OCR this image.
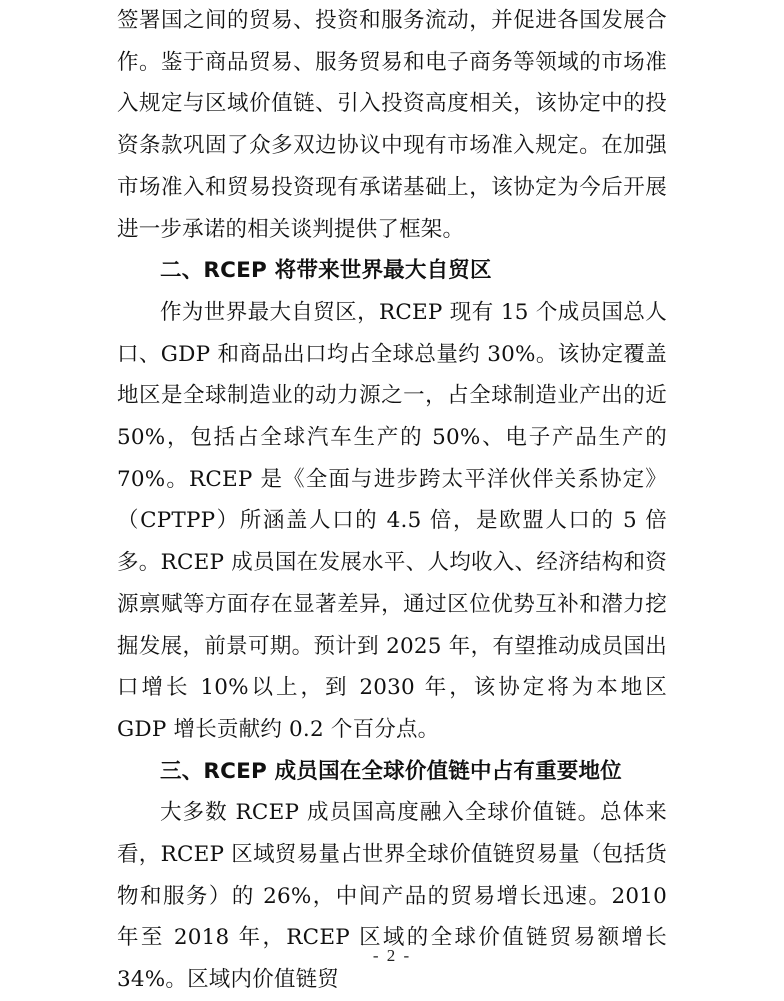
签署国之间的贸易、投资和服务流动，并促进各国发展合作。鉴于商品贸易、服务贸易和电子商务等领域的市场准入规定与区域价值链、引入投资高度相关，该协定中的投资条款巩固了众多双边协议中现有市场准入规定。在加强市场准入和贸易投资现有承诺基础上，该协定为今后开展进一步承诺的相关谈判提供了框架。

二、RCEP 将带来世界最大自贸区

作为世界最大自贸区，RCEP 现有 15 个成员国总人口、GDP 和商品出口均占全球总量约 30%。该协定覆盖地区是全球制造业的动力源之一，占全球制造业产出的近 50%，包括占全球汽车生产的 50%、电子产品生产的 70%。RCEP 是《全面与进步跨太平洋伙伴关系协定》（CPTPP）所涵盖人口的 4.5 倍，是欧盟人口的 5 倍多。RCEP 成员国在发展水平、人均收入、经济结构和资源禀赋等方面存在显著差异，通过区位优势互补和潜力挖掘发展，前景可期。预计到 2025 年，有望推动成员国出口增长 10%以上，到 2030 年，该协定将为本地区 GDP 增长贡献约 0.2 个百分点。

三、RCEP 成员国在全球价值链中占有重要地位

大多数 RCEP 成员国高度融入全球价值链。总体来看，RCEP 区域贸易量占世界全球价值链贸易量（包括货物和服务）的 26%，中间产品的贸易增长迅速。2010 年至 2018 年，RCEP 区域的全球价值链贸易额增长 34%。区域内价值链贸

- 2 -
